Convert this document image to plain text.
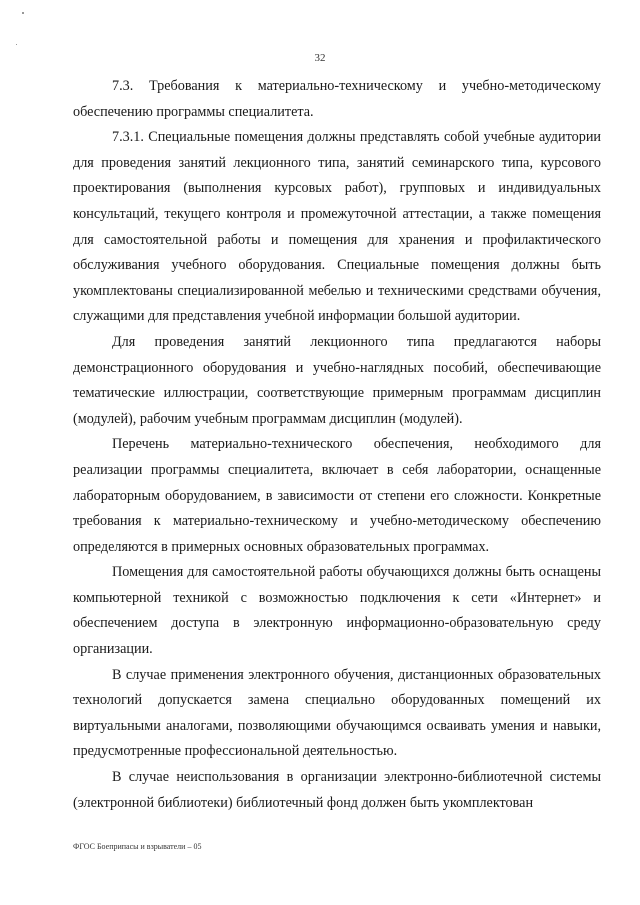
32

7.3. Требования к материально-техническому и учебно-методическому обеспечению программы специалитета.

7.3.1. Специальные помещения должны представлять собой учебные аудитории для проведения занятий лекционного типа, занятий семинарского типа, курсового проектирования (выполнения курсовых работ), групповых и индивидуальных консультаций, текущего контроля и промежуточной аттестации, а также помещения для самостоятельной работы и помещения для хранения и профилактического обслуживания учебного оборудования. Специальные помещения должны быть укомплектованы специализированной мебелью и техническими средствами обучения, служащими для представления учебной информации большой аудитории.

Для проведения занятий лекционного типа предлагаются наборы демонстрационного оборудования и учебно-наглядных пособий, обеспечивающие тематические иллюстрации, соответствующие примерным программам дисциплин (модулей), рабочим учебным программам дисциплин (модулей).

Перечень материально-технического обеспечения, необходимого для реализации программы специалитета, включает в себя лаборатории, оснащенные лабораторным оборудованием, в зависимости от степени его сложности. Конкретные требования к материально-техническому и учебно-методическому обеспечению определяются в примерных основных образовательных программах.

Помещения для самостоятельной работы обучающихся должны быть оснащены компьютерной техникой с возможностью подключения к сети «Интернет» и обеспечением доступа в электронную информационно-образовательную среду организации.

В случае применения электронного обучения, дистанционных образовательных технологий допускается замена специально оборудованных помещений их виртуальными аналогами, позволяющими обучающимся осваивать умения и навыки, предусмотренные профессиональной деятельностью.

В случае неиспользования в организации электронно-библиотечной системы (электронной библиотеки) библиотечный фонд должен быть укомплектован

ФГОС Боеприпасы и взрыватели – 05
